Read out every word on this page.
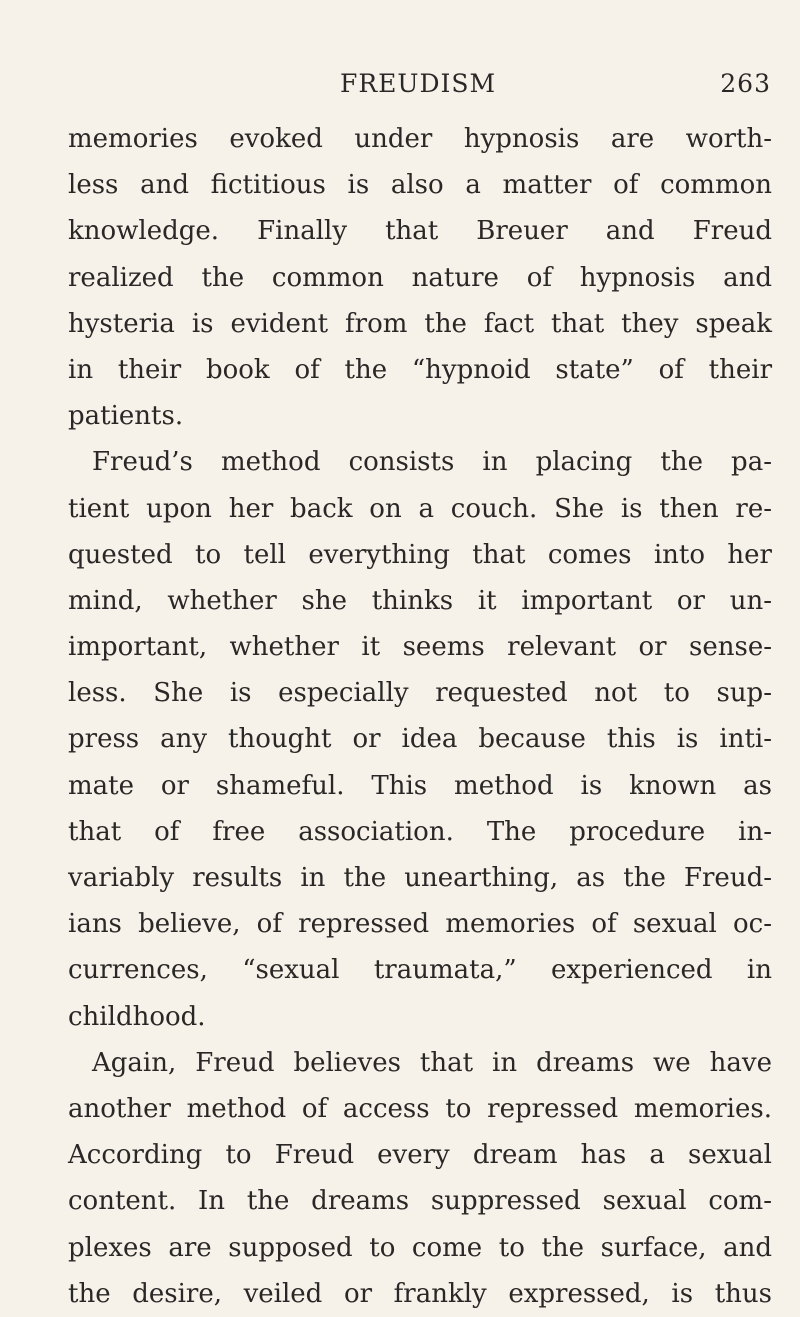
FREUDISM	263
memories evoked under hypnosis are worth-
less and fictitious is also a matter of common
knowledge. Finally that Breuer and Freud
realized the common nature of hypnosis and
hysteria is evident from the fact that they speak
in their book of the “hypnoid state” of their
patients.
Freud’s method consists in placing the pa-
tient upon her back on a couch. She is then re-
quested to tell everything that comes into her
mind, whether she thinks it important or un-
important, whether it seems relevant or sense-
less. She is especially requested not to sup-
press any thought or idea because this is inti-
mate or shameful. This method is known as
that of free association. The procedure in-
variably results in the unearthing, as the Freud-
ians believe, of repressed memories of sexual oc-
currences, “sexual traumata,” experienced in
childhood.
Again, Freud believes that in dreams we have
another method of access to repressed memories.
According to Freud every dream has a sexual
content. In the dreams suppressed sexual com-
plexes are supposed to come to the surface, and
the desire, veiled or frankly expressed, is thus
